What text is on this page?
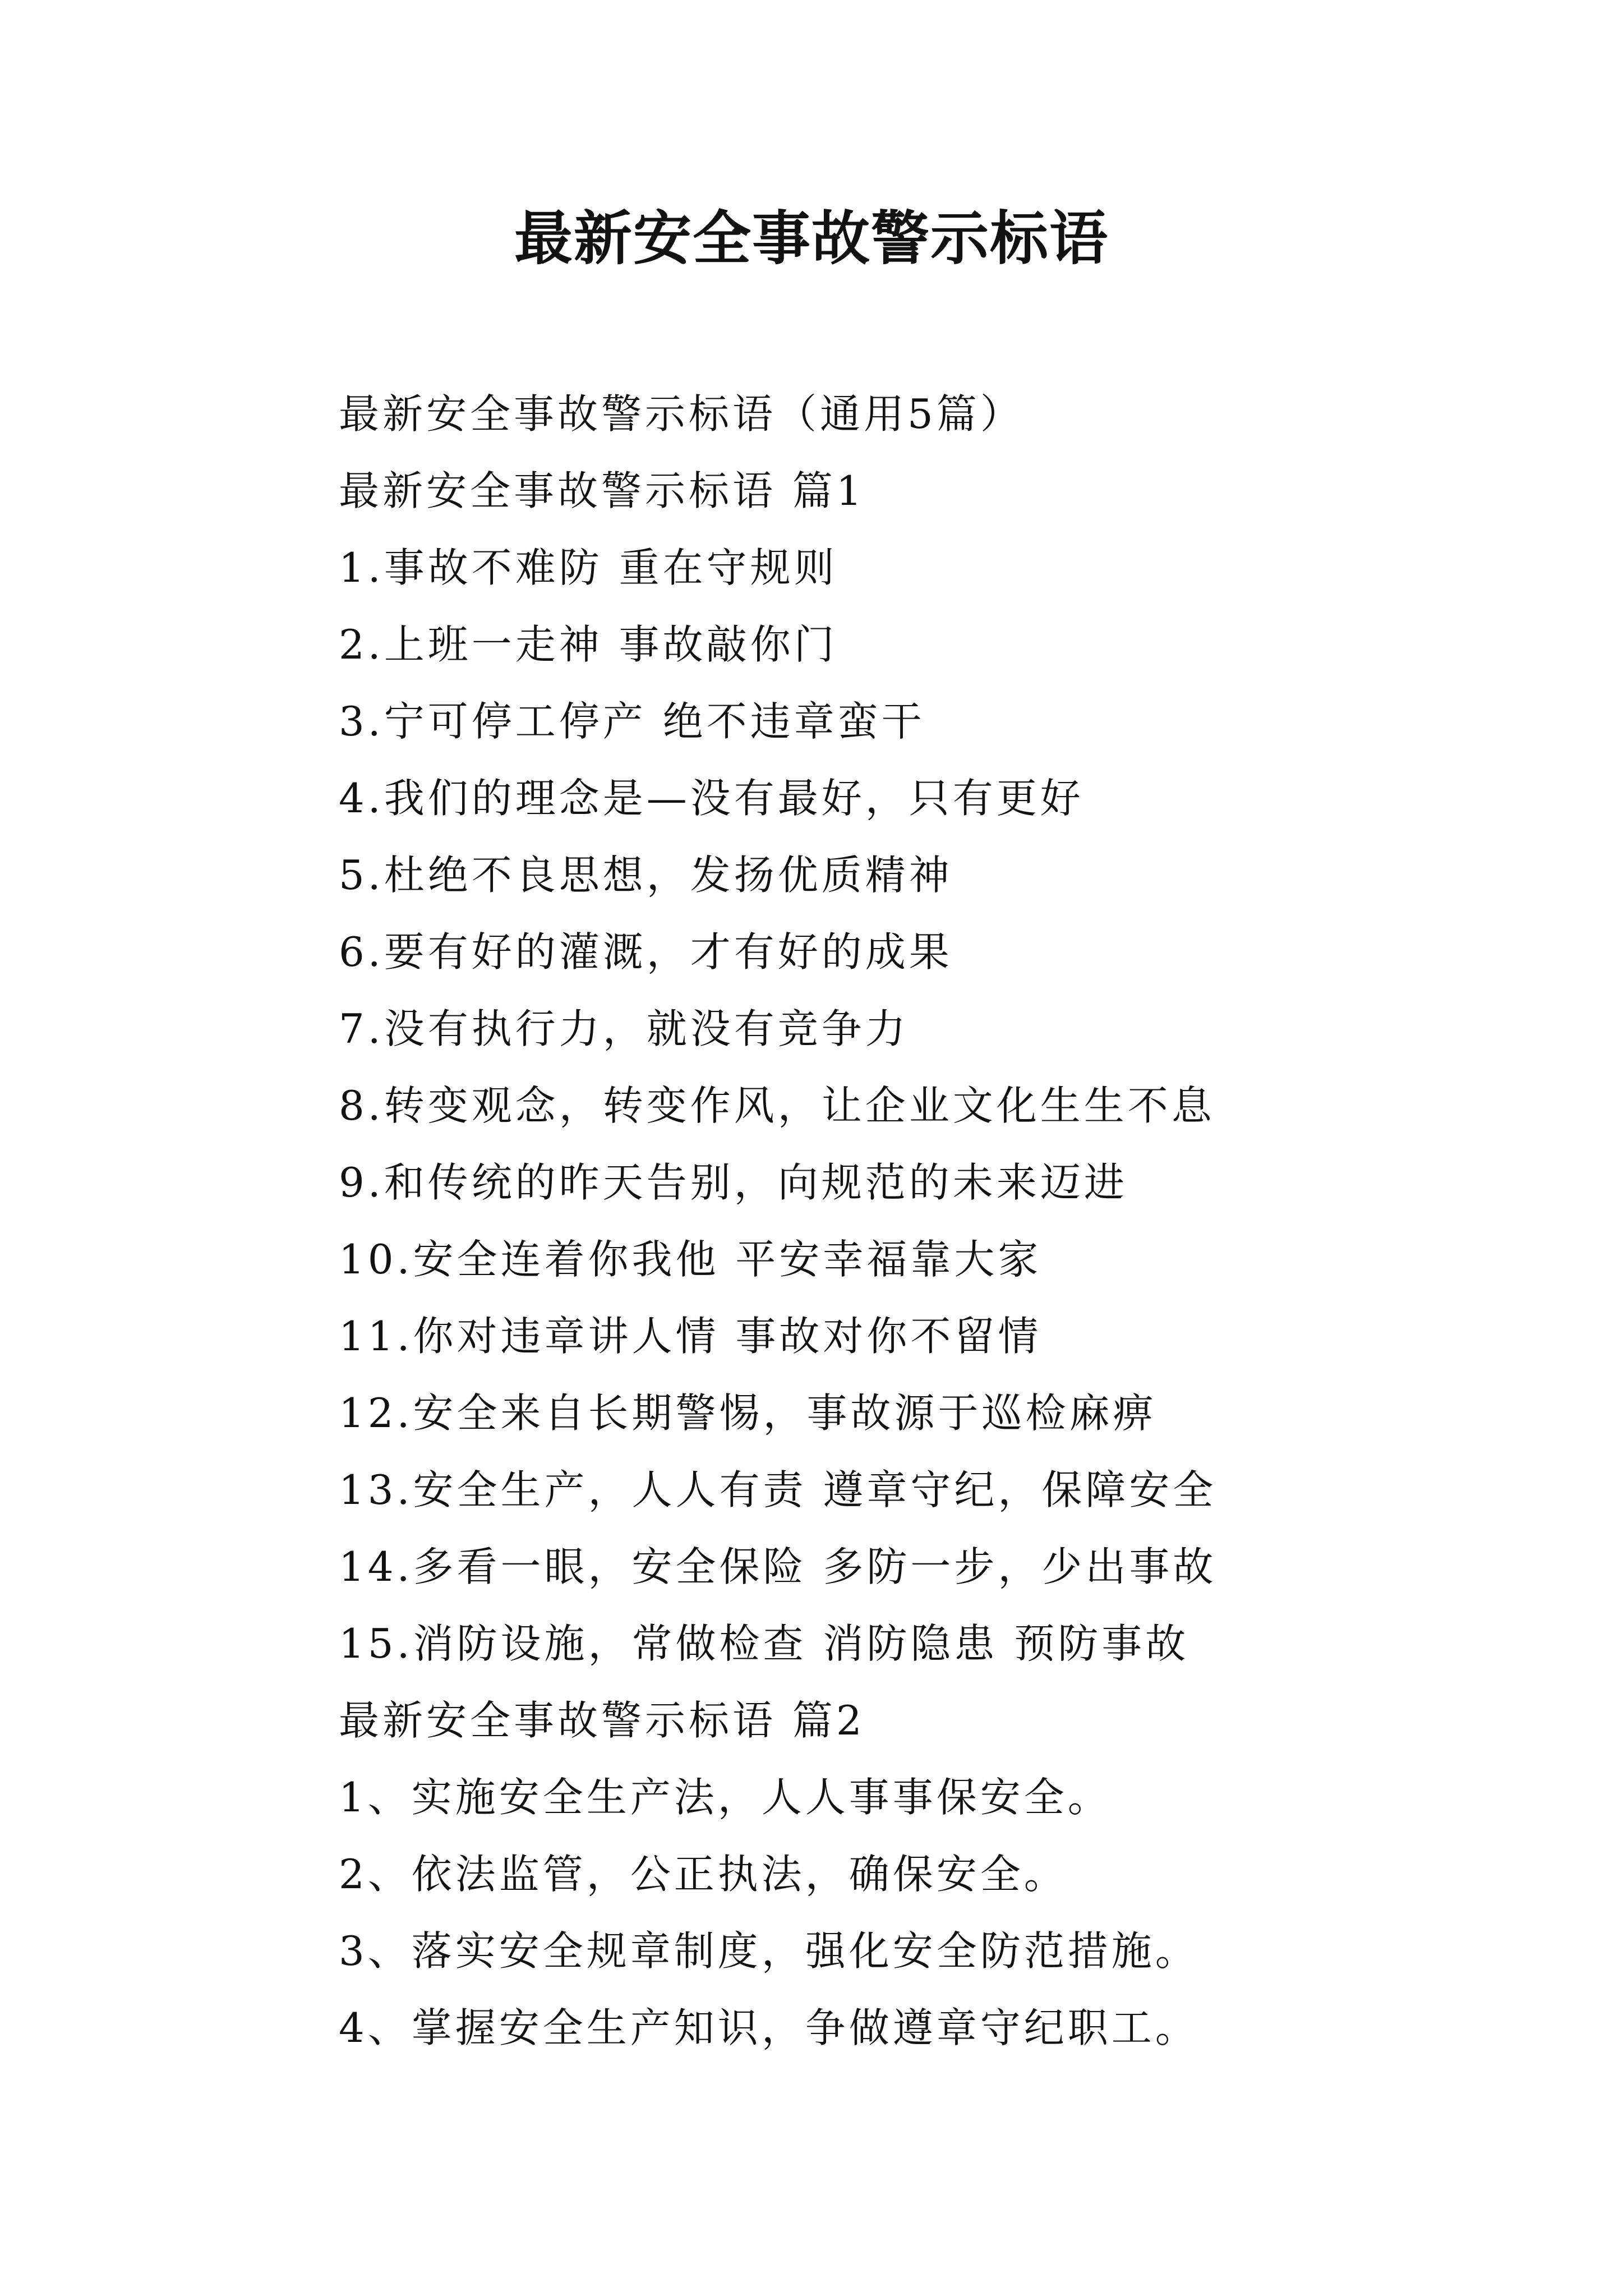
最新安全事故警示标语
最新安全事故警示标语（通用5篇）
最新安全事故警示标语 篇1
1.事故不难防 重在守规则
2.上班一走神 事故敲你门
3.宁可停工停产 绝不违章蛮干
4.我们的理念是—没有最好，只有更好
5.杜绝不良思想，发扬优质精神
6.要有好的灌溉，才有好的成果
7.没有执行力，就没有竞争力
8.转变观念，转变作风，让企业文化生生不息
9.和传统的昨天告别，向规范的未来迈进
10.安全连着你我他 平安幸福靠大家
11.你对违章讲人情 事故对你不留情
12.安全来自长期警惕，事故源于巡检麻痹
13.安全生产，人人有责 遵章守纪，保障安全
14.多看一眼，安全保险 多防一步，少出事故
15.消防设施，常做检查 消防隐患 预防事故
最新安全事故警示标语 篇2
1、实施安全生产法，人人事事保安全。
2、依法监管，公正执法，确保安全。
3、落实安全规章制度，强化安全防范措施。
4、掌握安全生产知识，争做遵章守纪职工。
